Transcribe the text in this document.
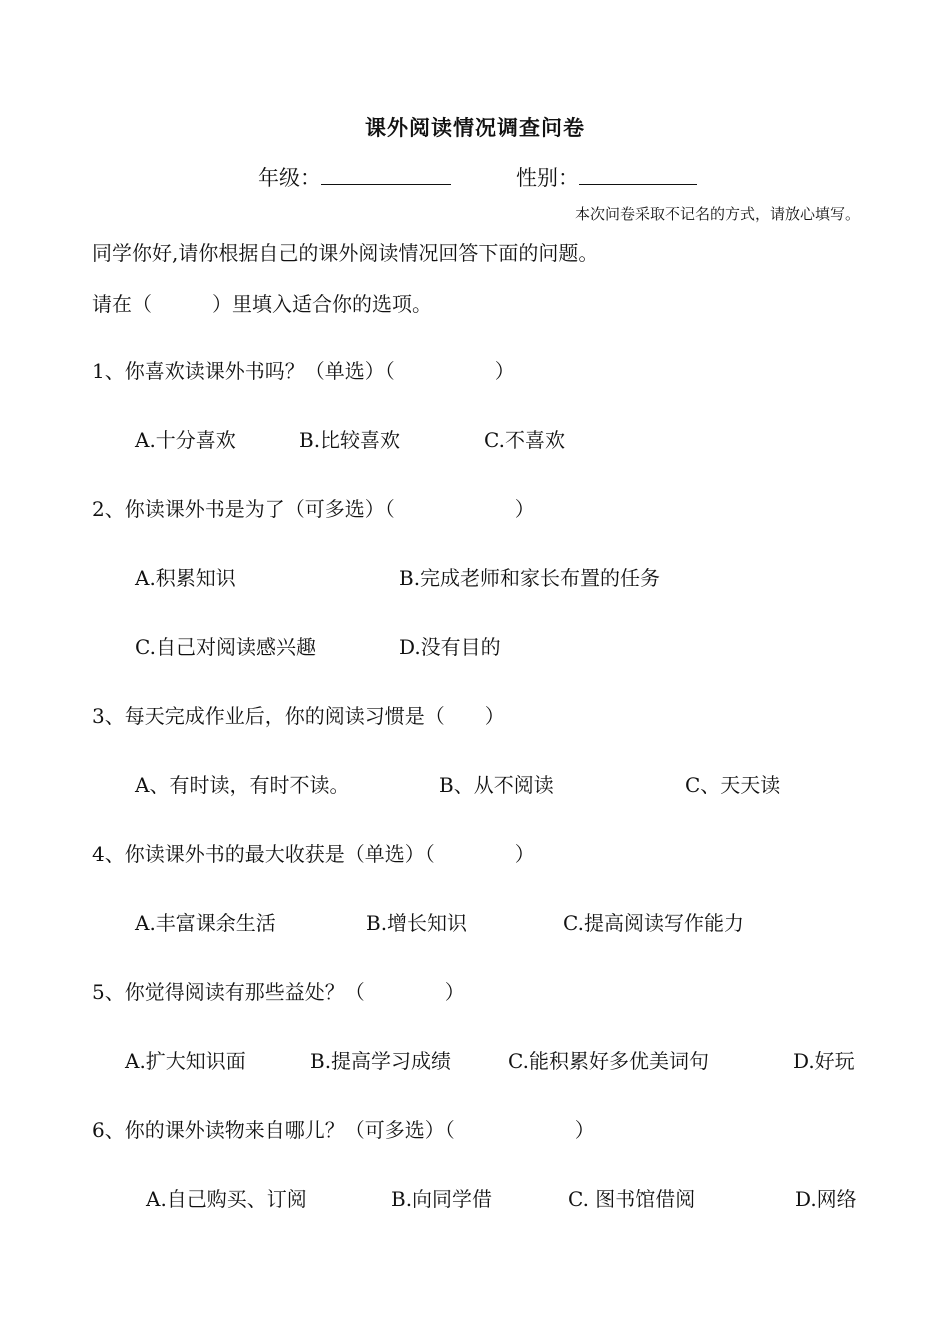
课外阅读情况调查问卷
年级：	性别：
本次问卷采取不记名的方式，请放心填写。
同学你好,请你根据自己的课外阅读情况回答下面的问题。
请在（　　　）里填入适合你的选项。
1、你喜欢读课外书吗？（单选）（　　　　　）
A.十分喜欢	B.比较喜欢	C.不喜欢
2、你读课外书是为了（可多选）（　　　　　　）
A.积累知识	B.完成老师和家长布置的任务
C.自己对阅读感兴趣	D.没有目的
3、每天完成作业后，你的阅读习惯是（　　）
A、有时读，有时不读。	B、从不阅读	C、天天读
4、你读课外书的最大收获是（单选）（　　　　）
A.丰富课余生活	B.增长知识	C.提高阅读写作能力
5、你觉得阅读有那些益处？（　　　　）
A.扩大知识面	B.提高学习成绩	C.能积累好多优美词句	D.好玩
6、你的课外读物来自哪儿？（可多选）（　　　　　　）
A.自己购买、订阅	B.向同学借	C. 图书馆借阅	D.网络
